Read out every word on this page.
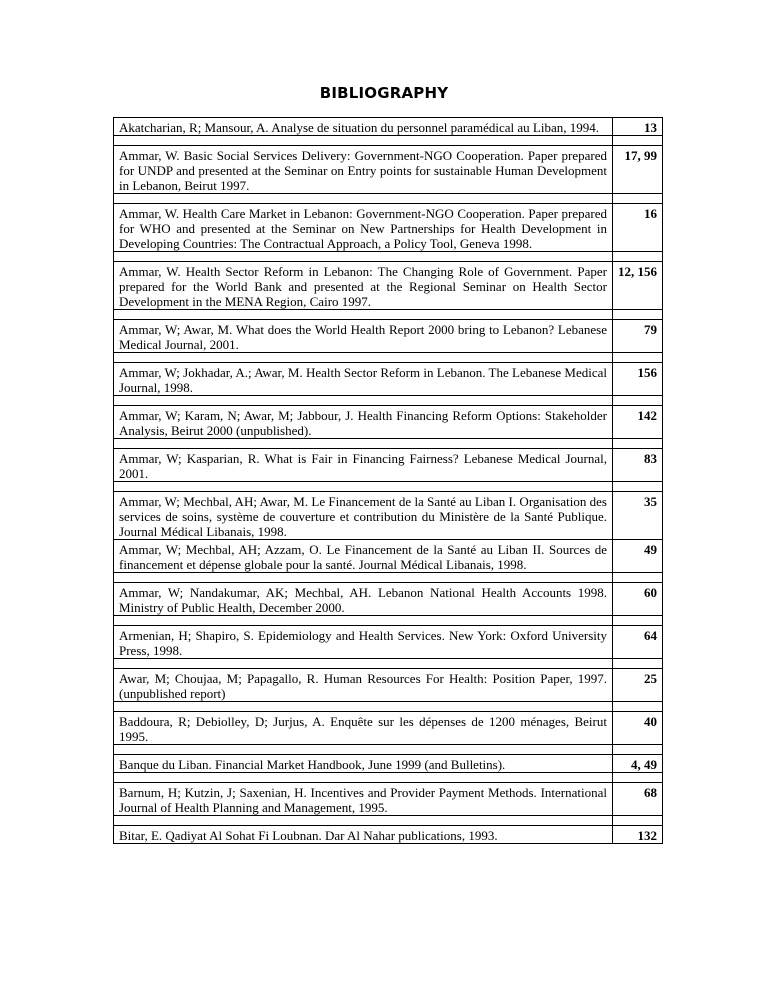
BIBLIOGRAPHY
Akatcharian, R; Mansour, A. Analyse de situation du personnel paramédical au Liban, 1994.	13

Ammar, W. Basic Social Services Delivery: Government-NGO Cooperation. Paper prepared for UNDP and presented at the Seminar on Entry points for sustainable Human Development in Lebanon, Beirut 1997.	17, 99

Ammar, W. Health Care Market in Lebanon: Government-NGO Cooperation. Paper prepared for WHO and presented at the Seminar on New Partnerships for Health Development in Developing Countries: The Contractual Approach, a Policy Tool, Geneva 1998.	16

Ammar, W. Health Sector Reform in Lebanon: The Changing Role of Government. Paper prepared for the World Bank and presented at the Regional Seminar on Health Sector Development in the MENA Region, Cairo 1997.	12, 156

Ammar, W; Awar, M. What does the World Health Report 2000 bring to Lebanon? Lebanese Medical Journal, 2001.	79

Ammar, W; Jokhadar, A.; Awar, M. Health Sector Reform in Lebanon. The Lebanese Medical Journal, 1998.	156

Ammar, W; Karam, N; Awar, M; Jabbour, J. Health Financing Reform Options: Stakeholder Analysis, Beirut 2000 (unpublished).	142

Ammar, W; Kasparian, R. What is Fair in Financing Fairness? Lebanese Medical Journal, 2001.	83

Ammar, W; Mechbal, AH; Awar, M. Le Financement de la Santé au Liban I. Organisation des services de soins, système de couverture et contribution du Ministère de la Santé Publique. Journal Médical Libanais, 1998.	35
Ammar, W; Mechbal, AH; Azzam, O. Le Financement de la Santé au Liban II. Sources de financement et dépense globale pour la santé. Journal Médical Libanais, 1998.	49

Ammar, W; Nandakumar, AK; Mechbal, AH. Lebanon National Health Accounts 1998. Ministry of Public Health, December 2000.	60

Armenian, H; Shapiro, S. Epidemiology and Health Services. New York: Oxford University Press, 1998.	64

Awar, M; Choujaa, M; Papagallo, R. Human Resources For Health: Position Paper, 1997. (unpublished report)	25

Baddoura, R; Debiolley, D; Jurjus, A. Enquête sur les dépenses de 1200 ménages, Beirut 1995.	40

Banque du Liban. Financial Market Handbook, June 1999 (and Bulletins).	4, 49

Barnum, H; Kutzin, J; Saxenian, H. Incentives and Provider Payment Methods. International Journal of Health Planning and Management, 1995.	68

Bitar, E. Qadiyat Al Sohat Fi Loubnan. Dar Al Nahar publications, 1993.	132
